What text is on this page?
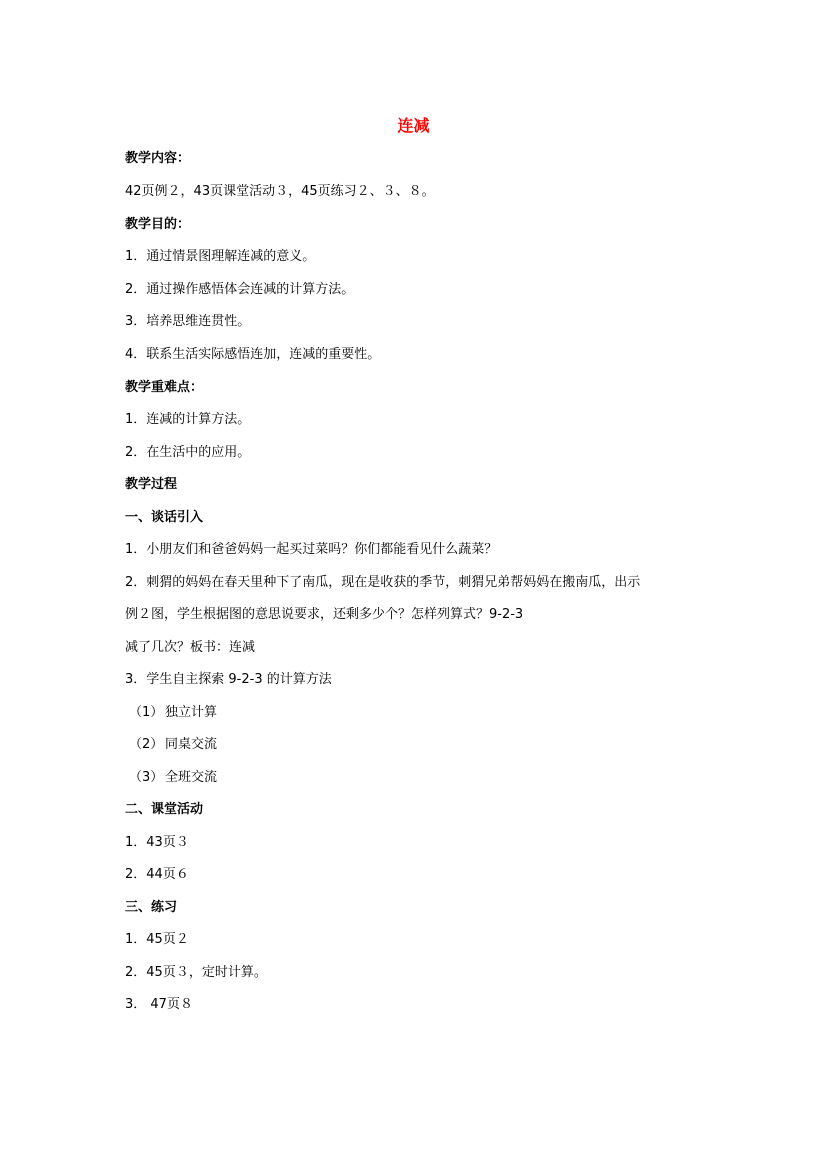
连减
教学内容：
42页例２，43页课堂活动３，45页练习２、３、８。
教学目的：
1．通过情景图理解连减的意义。
2．通过操作感悟体会连减的计算方法。
3．培养思维连贯性。
4．联系生活实际感悟连加，连减的重要性。
教学重难点：
1．连减的计算方法。
2．在生活中的应用。
教学过程
一、谈话引入
1．小朋友们和爸爸妈妈一起买过菜吗？你们都能看见什么蔬菜？
2．刺猬的妈妈在春天里种下了南瓜，现在是收获的季节，刺猬兄弟帮妈妈在搬南瓜，出示
例２图，学生根据图的意思说要求，还剩多少个？怎样列算式？9-2-3
减了几次？板书：连减
3．学生自主探索 9-2-3 的计算方法
（1） 独立计算
（2） 同桌交流
（3） 全班交流
二、课堂活动
1．43页３
2．44页６
三、练习
1．45页２
2．45页３，定时计算。
3． 47页８
